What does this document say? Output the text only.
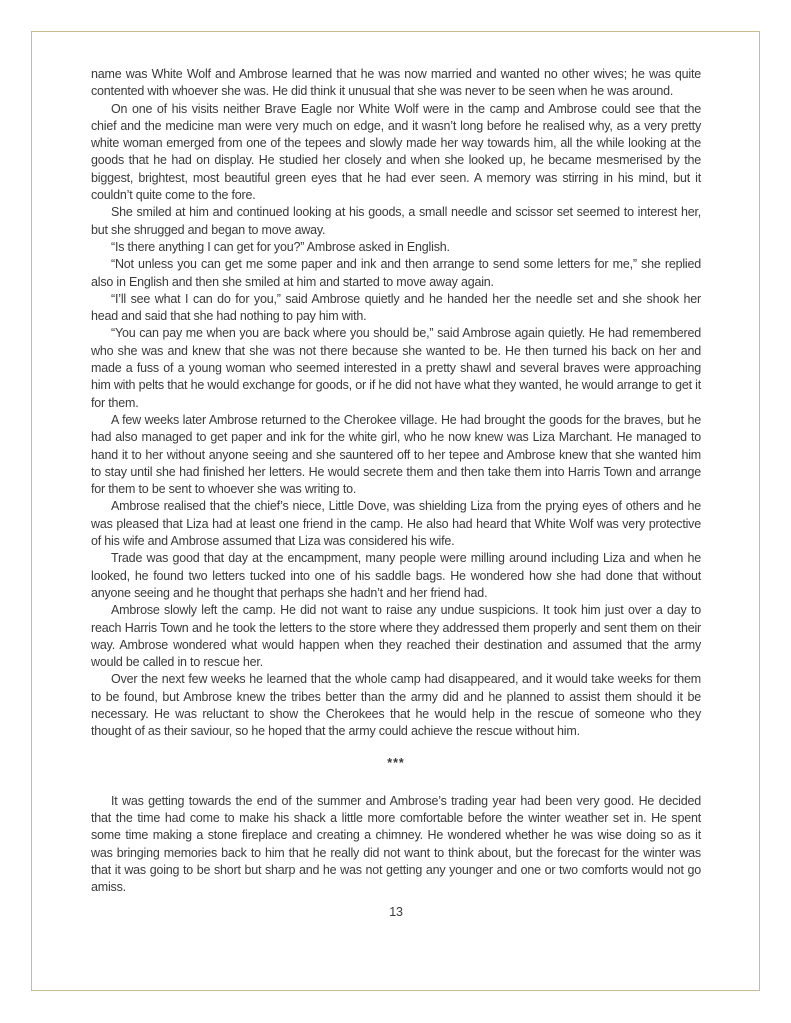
name was White Wolf and Ambrose learned that he was now married and wanted no other wives; he was quite contented with whoever she was. He did think it unusual that she was never to be seen when he was around.

On one of his visits neither Brave Eagle nor White Wolf were in the camp and Ambrose could see that the chief and the medicine man were very much on edge, and it wasn’t long before he realised why, as a very pretty white woman emerged from one of the tepees and slowly made her way towards him, all the while looking at the goods that he had on display. He studied her closely and when she looked up, he became mesmerised by the biggest, brightest, most beautiful green eyes that he had ever seen. A memory was stirring in his mind, but it couldn’t quite come to the fore.

She smiled at him and continued looking at his goods, a small needle and scissor set seemed to interest her, but she shrugged and began to move away.

“Is there anything I can get for you?” Ambrose asked in English.

“Not unless you can get me some paper and ink and then arrange to send some letters for me,” she replied also in English and then she smiled at him and started to move away again.

“I’ll see what I can do for you,” said Ambrose quietly and he handed her the needle set and she shook her head and said that she had nothing to pay him with.

“You can pay me when you are back where you should be,” said Ambrose again quietly. He had remembered who she was and knew that she was not there because she wanted to be. He then turned his back on her and made a fuss of a young woman who seemed interested in a pretty shawl and several braves were approaching him with pelts that he would exchange for goods, or if he did not have what they wanted, he would arrange to get it for them.

A few weeks later Ambrose returned to the Cherokee village. He had brought the goods for the braves, but he had also managed to get paper and ink for the white girl, who he now knew was Liza Marchant. He managed to hand it to her without anyone seeing and she sauntered off to her tepee and Ambrose knew that she wanted him to stay until she had finished her letters. He would secrete them and then take them into Harris Town and arrange for them to be sent to whoever she was writing to.

Ambrose realised that the chief’s niece, Little Dove, was shielding Liza from the prying eyes of others and he was pleased that Liza had at least one friend in the camp. He also had heard that White Wolf was very protective of his wife and Ambrose assumed that Liza was considered his wife.

Trade was good that day at the encampment, many people were milling around including Liza and when he looked, he found two letters tucked into one of his saddle bags. He wondered how she had done that without anyone seeing and he thought that perhaps she hadn’t and her friend had.

Ambrose slowly left the camp. He did not want to raise any undue suspicions. It took him just over a day to reach Harris Town and he took the letters to the store where they addressed them properly and sent them on their way. Ambrose wondered what would happen when they reached their destination and assumed that the army would be called in to rescue her.

Over the next few weeks he learned that the whole camp had disappeared, and it would take weeks for them to be found, but Ambrose knew the tribes better than the army did and he planned to assist them should it be necessary. He was reluctant to show the Cherokees that he would help in the rescue of someone who they thought of as their saviour, so he hoped that the army could achieve the rescue without him.

***

It was getting towards the end of the summer and Ambrose’s trading year had been very good. He decided that the time had come to make his shack a little more comfortable before the winter weather set in. He spent some time making a stone fireplace and creating a chimney. He wondered whether he was wise doing so as it was bringing memories back to him that he really did not want to think about, but the forecast for the winter was that it was going to be short but sharp and he was not getting any younger and one or two comforts would not go amiss.

13
